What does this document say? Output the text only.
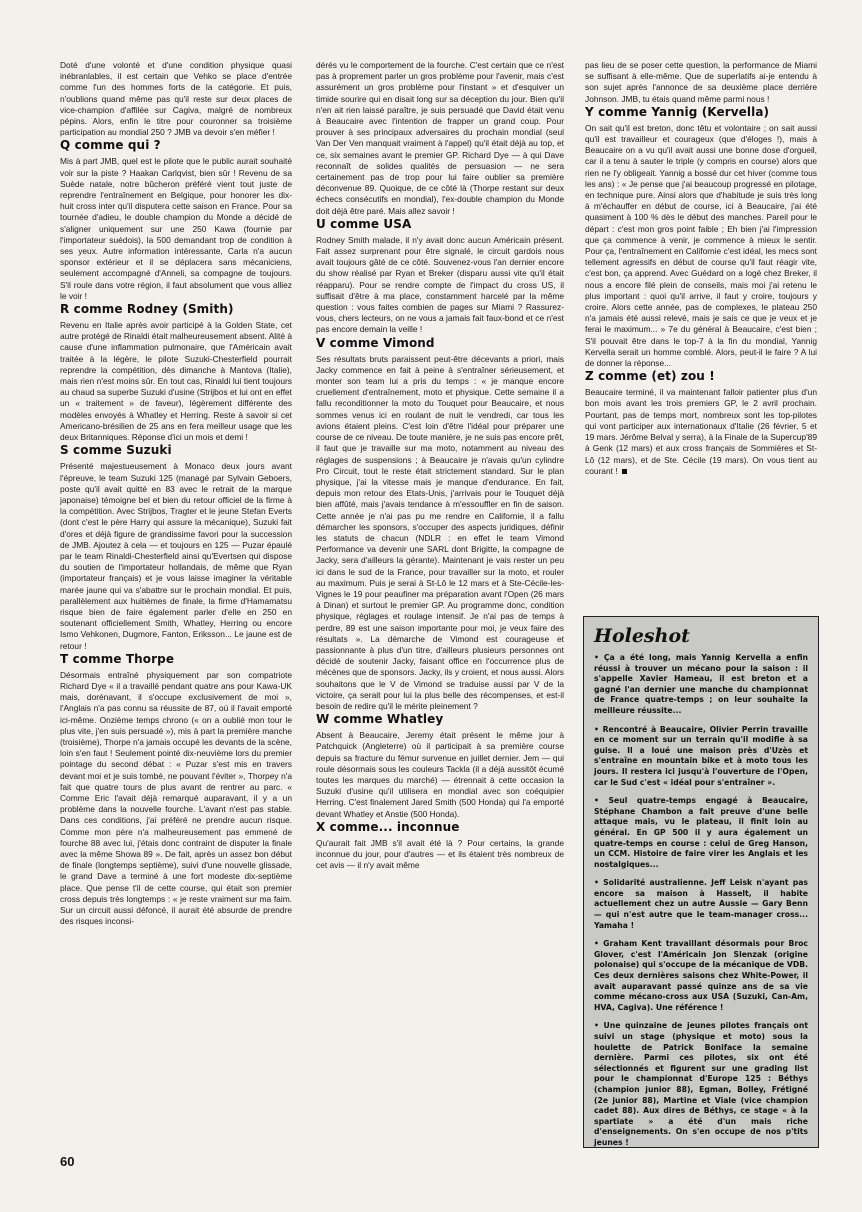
Doté d'une volonté et d'une condition physique quasi inébranlables, il est certain que Vehko se place d'entrée comme l'un des hommes forts de la catégorie. Et puis, n'oublions quand même pas qu'il reste sur deux places de vice-champion d'affilée sur Cagiva, malgré de nombreux pépins. Alors, enfin le titre pour couronner sa troisième participation au mondial 250 ? JMB va devoir s'en méfier !

Q comme qui ?

Mis à part JMB, quel est le pilote que le public aurait souhaité voir sur la piste ? Haakan Carlqvist, bien sûr ! Revenu de sa Suède natale, notre bûcheron préféré vient tout juste de reprendre l'entraînement en Belgique, pour honorer les dix-huit cross inter qu'il disputera cette saison en France. Pour sa tournée d'adieu, le double champion du Monde a décidé de s'aligner uniquement sur une 250 Kawa (fournie par l'importateur suédois), la 500 demandant trop de condition à ses yeux. Autre information intéressante, Carla n'a aucun sponsor extérieur et il se déplacera sans mécaniciens, seulement accompagné d'Anneli, sa compagne de toujours. S'il roule dans votre région, il faut absolument que vous alliez le voir !

R comme Rodney (Smith)

Revenu en Italie après avoir participé à la Golden State, cet autre protégé de Rinaldi était malheureusement absent. Alité à cause d'une inflammation pulmonaire, que l'Américain avait traitée à la légère, le pilote Suzuki-Chesterfield pourrait reprendre la compétition, dès dimanche à Mantova (Italie), mais rien n'est moins sûr. En tout cas, Rinaldi lui tient toujours au chaud sa superbe Suzuki d'usine (Strijbos et lui ont en effet un « traitement » de faveur), légèrement différente des modèles envoyés à Whatley et Herring. Reste à savoir si cet Americano-brésilien de 25 ans en fera meilleur usage que les deux Britanniques. Réponse d'ici un mois et demi !

S comme Suzuki

Présenté majestueusement à Monaco deux jours avant l'épreuve, le team Suzuki 125 (managé par Sylvain Geboers, poste qu'il avait quitté en 83 avec le retrait de la marque japonaise) témoigne bel et bien du retour officiel de la firme à la compétition. Avec Strijbos, Tragter et le jeune Stefan Everts (dont c'est le père Harry qui assure la mécanique), Suzuki fait d'ores et déjà figure de grandissime favori pour la succession de JMB. Ajoutez à cela — et toujours en 125 — Puzar épaulé par le team Rinaldi-Chesterfield ainsi qu'Evertsen qui dispose du soutien de l'importateur hollandais, de même que Ryan (importateur français) et je vous laisse imaginer la véritable marée jaune qui va s'abattre sur le prochain mondial. Et puis, parallèlement aux huitièmes de finale, la firme d'Hamamatsu risque bien de faire également parler d'elle en 250 en soutenant officiellement Smith, Whatley, Herring ou encore Ismo Vehkonen, Dugmore, Fanton, Eriksson... Le jaune est de retour !

T comme Thorpe

Désormais entraîné physiquement par son compatriote Richard Dye « il a travaillé pendant quatre ans pour Kawa-UK mais, dorénavant, il s'occupe exclusivement de moi », l'Anglais n'a pas connu sa réussite de 87, où il l'avait emporté ici-même. Onzième temps chrono (« on a oublié mon tour le plus vite, j'en suis persuadé »), mis à part la première manche (troisième), Thorpe n'a jamais occupé les devants de la scène, loin s'en faut ! Seulement pointé dix-neuvième lors du premier pointage du second débat : « Puzar s'est mis en travers devant moi et je suis tombé, ne pouvant l'éviter », Thorpey n'a fait que quatre tours de plus avant de rentrer au parc. « Comme Eric l'avait déjà remarqué auparavant, il y a un problème dans la nouvelle fourche. L'avant n'est pas stable. Dans ces conditions, j'ai préféré ne prendre aucun risque. Comme mon père n'a malheureusement pas emmené de fourche 88 avec lui, j'étais donc contraint de disputer la finale avec la même Showa 89 ». De fait, après un assez bon début de finale (longtemps septième), suivi d'une nouvelle glissade, le grand Dave a terminé à une fort modeste dix-septième place. Que pense t'il de cette course, qui était son premier cross depuis très longtemps : « je reste vraiment sur ma faim. Sur un circuit aussi défoncé, il aurait été absurde de prendre des risques inconsi-

dérés vu le comportement de la fourche. C'est certain que ce n'est pas à proprement parler un gros problème pour l'avenir, mais c'est assurément un gros problème pour l'instant » et d'esquiver un timide sourire qui en disait long sur sa déception du jour. Bien qu'il n'en ait rien laissé paraître, je suis persuadé que David était venu à Beaucaire avec l'intention de frapper un grand coup. Pour prouver à ses principaux adversaires du prochain mondial (seul Van Der Ven manquait vraiment à l'appel) qu'il était déjà au top, et ce, six semaines avant le premier GP. Richard Dye — à qui Dave reconnaît de solides qualités de persuasion — ne sera certainement pas de trop pour lui faire oublier sa première déconvenue 89. Quoique, de ce côté là (Thorpe restant sur deux échecs consécutifs en mondial), l'ex-double champion du Monde doit déjà être paré. Mais allez savoir !

U comme USA

Rodney Smith malade, il n'y avait donc aucun Américain présent. Fait assez surprenant pour être signalé, le circuit gardois nous avait toujours gâté de ce côté. Souvenez-vous l'an dernier encore du show réalisé par Ryan et Breker (disparu aussi vite qu'il était réapparu). Pour se rendre compte de l'impact du cross US, il suffisait d'être à ma place, constamment harcelé par la même question : vous faites combien de pages sur Miami ? Rassurez-vous, chers lecteurs, on ne vous a jamais fait faux-bond et ce n'est pas encore demain la veille !

V comme Vimond

Ses résultats bruts paraissent peut-être décevants a priori, mais Jacky commence en fait à peine à s'entraîner sérieusement, et monter son team lui a pris du temps : « je manque encore cruellement d'entraînement, moto et physique. Cette semaine il a fallu reconditionner la moto du Touquet pour Beaucaire, et nous sommes venus ici en roulant de nuit le vendredi, car tous les avions étaient pleins. C'est loin d'être l'idéal pour préparer une course de ce niveau. De toute manière, je ne suis pas encore prêt, il faut que je travaille sur ma moto, notamment au niveau des réglages de suspensions ; à Beaucaire je n'avais qu'un cylindre Pro Circuit, tout le reste était strictement standard. Sur le plan physique, j'ai la vitesse mais je manque d'endurance. En fait, depuis mon retour des Etats-Unis, j'arrivais pour le Touquet déjà bien affûté, mais j'avais tendance à m'essouffler en fin de saison. Cette année je n'ai pas pu me rendre en Californie, il a fallu démarcher les sponsors, s'occuper des aspects juridiques, définir les statuts de chacun (NDLR : en effet le team Vimond Performance va devenir une SARL dont Brigitte, la compagne de Jacky, sera d'ailleurs la gérante). Maintenant je vais rester un peu ici dans le sud de la France, pour travailler sur la moto, et rouler au maximum. Puis je serai à St-Lô le 12 mars et à Ste-Cécile-les-Vignes le 19 pour peaufiner ma préparation avant l'Open (26 mars à Dinan) et surtout le premier GP. Au programme donc, condition physique, réglages et roulage intensif. Je n'ai pas de temps à perdre, 89 est une saison importante pour moi, je veux faire des résultats ». La démarche de Vimond est courageuse et passionnante à plus d'un titre, d'ailleurs plusieurs personnes ont décidé de soutenir Jacky, faisant office en l'occurrence plus de mécènes que de sponsors. Jacky, ils y croient, et nous aussi. Alors souhaitons que le V de Vimond se traduise aussi par V de la victoire, ça serait pour lui la plus belle des récompenses, et est-il besoin de redire qu'il le mérite pleinement ?

W comme Whatley

Absent à Beaucaire, Jeremy était présent le même jour à Patchquick (Angleterre) où il participait à sa première course depuis sa fracture du fémur survenue en juillet dernier. Jem — qui roule désormais sous les couleurs Tackla (il a déjà aussitôt écumé toutes les marques du marché) — étrennait à cette occasion la Suzuki d'usine qu'il utilisera en mondial avec son coéquipier Herring. C'est finalement Jared Smith (500 Honda) qui l'a emporté devant Whatley et Anstie (500 Honda).

X comme... inconnue

Qu'aurait fait JMB s'il avait été là ? Pour certains, la grande inconnue du jour, pour d'autres — et ils étaient très nombreux de cet avis — il n'y avait même

pas lieu de se poser cette question, la performance de Miami se suffisant à elle-même. Que de superlatifs ai-je entendu à son sujet après l'annonce de sa deuxième place derrière Johnson. JMB, tu étais quand même parmi nous !

Y comme Yannig (Kervella)

On sait qu'il est breton, donc têtu et volontaire ; on sait aussi qu'il est travailleur et courageux (que d'éloges !), mais à Beaucaire on a vu qu'il avait aussi une bonne dose d'orgueil, car il a tenu à sauter le triple (y compris en course) alors que rien ne l'y obligeait. Yannig a bossé dur cet hiver (comme tous les ans) : « Je pense que j'ai beaucoup progressé en pilotage, en technique pure. Ainsi alors que d'habitude je suis très long à m'échauffer en début de course, ici à Beaucaire, j'ai été quasiment à 100 % dès le début des manches. Pareil pour le départ : c'est mon gros point faible ; Eh bien j'ai l'impression que ça commence à venir, je commence à mieux le sentir. Pour ça, l'entraînement en Californie c'est idéal, les mecs sont tellement agressifs en début de course qu'il faut réagir vite, c'est bon, ça apprend. Avec Guédard on a logé chez Breker, il nous a encore filé plein de conseils, mais moi j'ai retenu le plus important : quoi qu'il arrive, il faut y croire, toujours y croire. Alors cette année, pas de complexes, le plateau 250 n'a jamais été aussi relevé, mais je sais ce que je veux et je ferai le maximum... » 7e du général à Beaucaire, c'est bien ; S'il pouvait être dans le top-7 à la fin du mondial, Yannig Kervella serait un homme comblé. Alors, peut-il le faire ? A lui de donner la réponse...

Z comme (et) zou !

Beaucaire terminé, il va maintenant falloir patienter plus d'un bon mois avant les trois premiers GP, le 2 avril prochain. Pourtant, pas de temps mort, nombreux sont les top-pilotes qui vont participer aux internationaux d'Italie (26 février, 5 et 19 mars. Jérôme Belval y serra), à la Finale de la Supercup'89 à Genk (12 mars) et aux cross français de Sommières et St-Lô (12 mars), et de Ste. Cécile (19 mars). On vous tient au courant !

Holeshot
• Ça a été long, mais Yannig Kervella a enfin réussi à trouver un mécano pour la saison : il s'appelle Xavier Hameau, il est breton et a gagné l'an dernier une manche du championnat de France quatre-temps ; on leur souhaite la meilleure réussite...
• Rencontré à Beaucaire, Olivier Perrin travaille en ce moment sur un terrain qu'il modifie à sa guise. Il a loué une maison près d'Uzès et s'entraîne en mountain bike et à moto tous les jours. Il restera ici jusqu'à l'ouverture de l'Open, car le Sud c'est « idéal pour s'entraîner ».
• Seul quatre-temps engagé à Beaucaire, Stéphane Chambon a fait preuve d'une belle attaque mais, vu le plateau, il finit loin au général. En GP 500 il y aura également un quatre-temps en course : celui de Greg Hanson, un CCM. Histoire de faire virer les Anglais et les nostalgiques...
• Solidarité australienne. Jeff Leisk n'ayant pas encore sa maison à Hasselt, il habite actuellement chez un autre Aussie — Gary Benn — qui n'est autre que le team-manager cross... Yamaha !
• Graham Kent travaillant désormais pour Broc Glover, c'est l'Américain Jon Slenzak (origine polonaise) qui s'occupe de la mécanique de VDB. Ces deux dernières saisons chez White-Power, il avait auparavant passé quinze ans de sa vie comme mécano-cross aux USA (Suzuki, Can-Am, HVA, Cagiva). Une référence !
• Une quinzaine de jeunes pilotes français ont suivi un stage (physique et moto) sous la houlette de Patrick Boniface la semaine dernière. Parmi ces pilotes, six ont été sélectionnés et figurent sur une grading list pour le championnat d'Europe 125 : Béthys (champion junior 88), Egman, Bolley, Frétigné (2e junior 88), Martine et Viale (vice champion cadet 88). Aux dires de Béthys, ce stage « à la spartiate » a été d'un mais riche d'enseignements. On s'en occupe de nos p'tits jeunes !
60
